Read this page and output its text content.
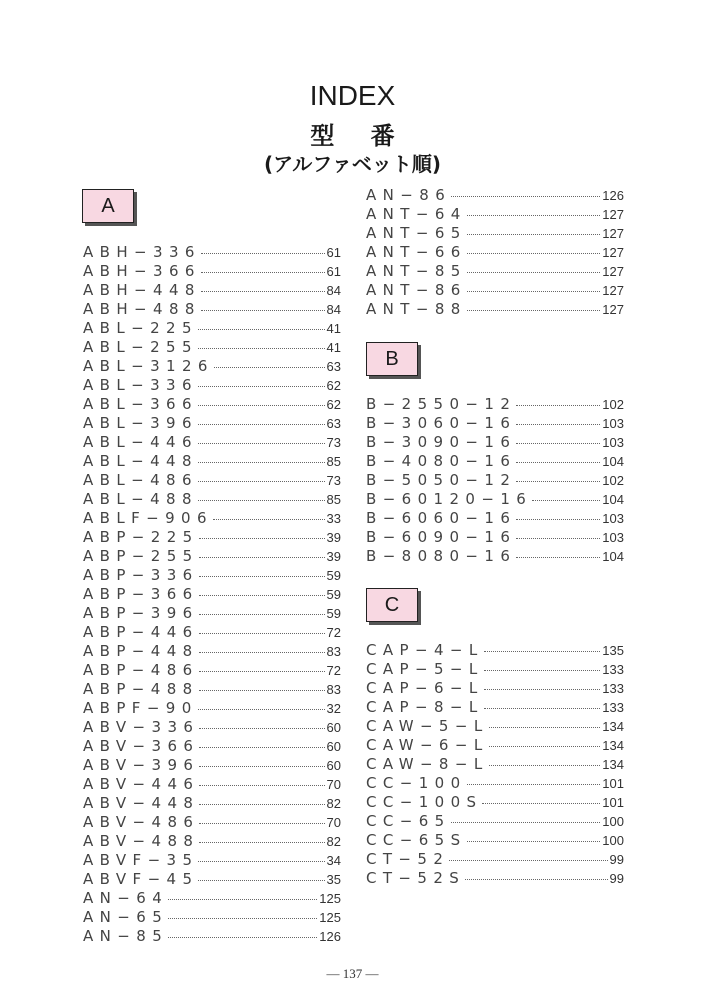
INDEX
型 番
(アルファベット順)
A
ABH−336	61
ABH−366	61
ABH−448	84
ABH−488	84
ABL−225	41
ABL−255	41
ABL−3126	63
ABL−336	62
ABL−366	62
ABL−396	63
ABL−446	73
ABL−448	85
ABL−486	73
ABL−488	85
ABLF−906	33
ABP−225	39
ABP−255	39
ABP−336	59
ABP−366	59
ABP−396	59
ABP−446	72
ABP−448	83
ABP−486	72
ABP−488	83
ABPF−90	32
ABV−336	60
ABV−366	60
ABV−396	60
ABV−446	70
ABV−448	82
ABV−486	70
ABV−488	82
ABVF−35	34
ABVF−45	35
AN−64	125
AN−65	125
AN−85	126
AN−86	126
ANT−64	127
ANT−65	127
ANT−66	127
ANT−85	127
ANT−86	127
ANT−88	127
B
B−2550−12	102
B−3060−16	103
B−3090−16	103
B−4080−16	104
B−5050−12	102
B−60120−16	104
B−6060−16	103
B−6090−16	103
B−8080−16	104
C
CAP−4−L	135
CAP−5−L	133
CAP−6−L	133
CAP−8−L	133
CAW−5−L	134
CAW−6−L	134
CAW−8−L	134
CC−100	101
CC−100S	101
CC−65	100
CC−65S	100
CT−52	99
CT−52S	99
— 137 —
